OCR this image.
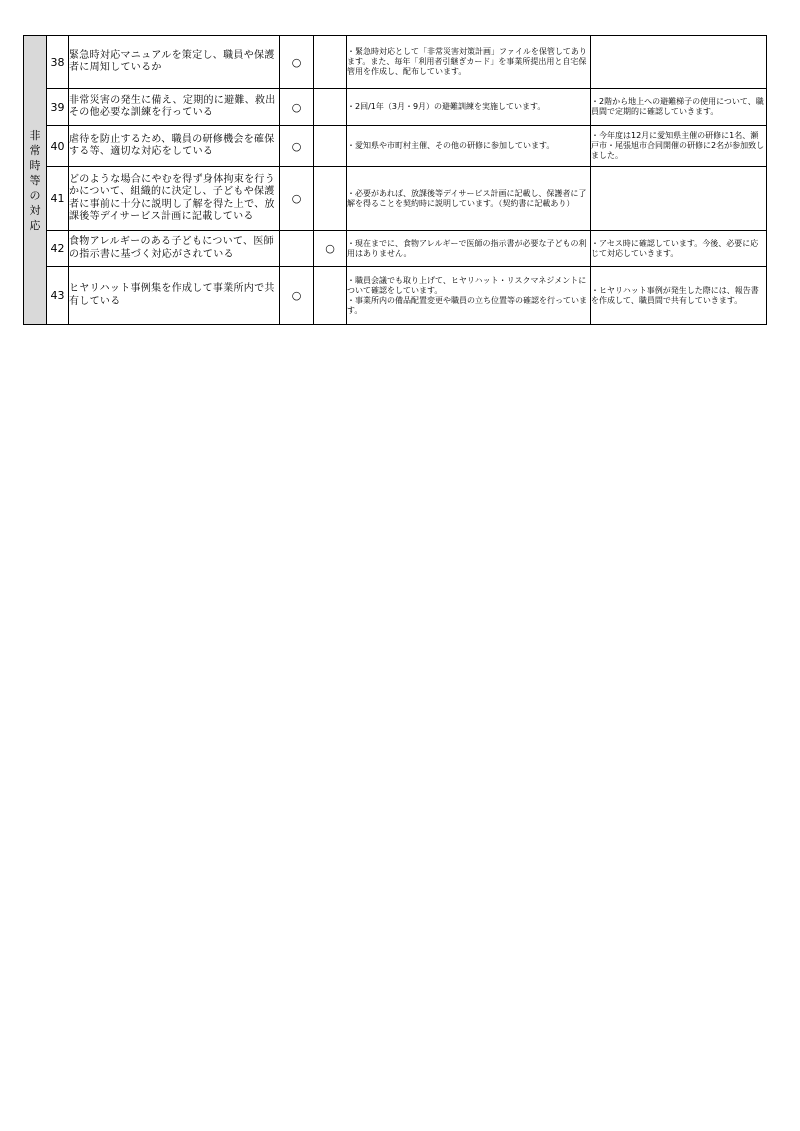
非常時等の対応	38	緊急時対応マニュアルを策定し、職員や保護者に周知しているか	○		・緊急時対応として「非常災害対策計画」ファイルを保管してあります。また、毎年「利用者引継ぎカード」を事業所提出用と自宅保管用を作成し、配布しています。	

	39	非常災害の発生に備え、定期的に避難、救出その他必要な訓練を行っている	○		・2回/1年（3月・9月）の避難訓練を実施しています。	・2階から地上への避難梯子の使用について、職員間で定期的に確認していきます。
	40	虐待を防止するため、職員の研修機会を確保する等、適切な対応をしている	○		・愛知県や市町村主催、その他の研修に参加しています。	・今年度は12月に愛知県主催の研修に1名、瀬戸市・尾張旭市合同開催の研修に2名が参加致しました。
	41	どのような場合にやむを得ず身体拘束を行うかについて、組織的に決定し、子どもや保護者に事前に十分に説明し了解を得た上で、放課後等デイサービス計画に記載している	○		・必要があれば、放課後等デイサービス計画に記載し、保護者に了解を得ることを契約時に説明しています。（契約書に記載あり）	

	42	食物アレルギーのある子どもについて、医師の指示書に基づく対応がされている		○	・現在までに、食物アレルギーで医師の指示書が必要な子どもの利用はありません。	・アセス時に確認しています。今後、必要に応じて対応していきます。
	43	ヒヤリハット事例集を作成して事業所内で共有している	○		・職員会議でも取り上げて、ヒヤリハット・リスクマネジメントについて確認をしています。
・事業所内の備品配置変更や職員の立ち位置等の確認を行っています。	・ヒヤリハット事例が発生した際には、報告書を作成して、職員間で共有していきます。
